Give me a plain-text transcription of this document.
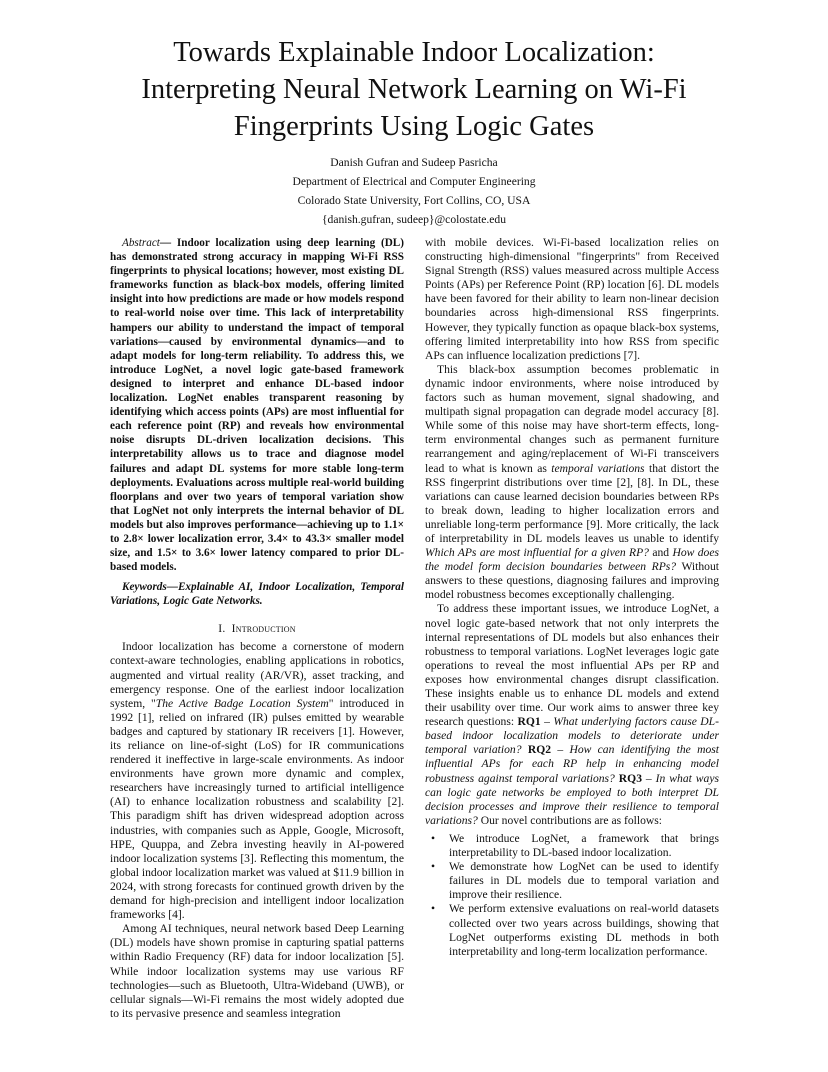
Towards Explainable Indoor Localization:
Interpreting Neural Network Learning on Wi-Fi
Fingerprints Using Logic Gates
Danish Gufran and Sudeep Pasricha
Department of Electrical and Computer Engineering
Colorado State University, Fort Collins, CO, USA
{danish.gufran, sudeep}@colostate.edu

Abstract— Indoor localization using deep learning (DL) has demonstrated strong accuracy in mapping Wi-Fi RSS fingerprints to physical locations; however, most existing DL frameworks function as black-box models, offering limited insight into how predictions are made or how models respond to real-world noise over time. This lack of interpretability hampers our ability to understand the impact of temporal variations—caused by environmental dynamics—and to adapt models for long-term reliability. To address this, we introduce LogNet, a novel logic gate-based framework designed to interpret and enhance DL-based indoor localization. LogNet enables transparent reasoning by identifying which access points (APs) are most influential for each reference point (RP) and reveals how environmental noise disrupts DL-driven localization decisions. This interpretability allows us to trace and diagnose model failures and adapt DL systems for more stable long-term deployments. Evaluations across multiple real-world building floorplans and over two years of temporal variation show that LogNet not only interprets the internal behavior of DL models but also improves performance—achieving up to 1.1× to 2.8× lower localization error, 3.4× to 43.3× smaller model size, and 1.5× to 3.6× lower latency compared to prior DL-based models.

Keywords—Explainable AI, Indoor Localization, Temporal Variations, Logic Gate Networks.

I. Introduction

Indoor localization has become a cornerstone of modern context-aware technologies, enabling applications in robotics, augmented and virtual reality (AR/VR), asset tracking, and emergency response. One of the earliest indoor localization system, "The Active Badge Location System" introduced in 1992 [1], relied on infrared (IR) pulses emitted by wearable badges and captured by stationary IR receivers [1]. However, its reliance on line-of-sight (LoS) for IR communications rendered it ineffective in large-scale environments. As indoor environments have grown more dynamic and complex, researchers have increasingly turned to artificial intelligence (AI) to enhance localization robustness and scalability [2]. This paradigm shift has driven widespread adoption across industries, with companies such as Apple, Google, Microsoft, HPE, Quuppa, and Zebra investing heavily in AI-powered indoor localization systems [3]. Reflecting this momentum, the global indoor localization market was valued at $11.9 billion in 2024, with strong forecasts for continued growth driven by the demand for high-precision and intelligent indoor localization frameworks [4].

Among AI techniques, neural network based Deep Learning (DL) models have shown promise in capturing spatial patterns within Radio Frequency (RF) data for indoor localization [5]. While indoor localization systems may use various RF technologies—such as Bluetooth, Ultra-Wideband (UWB), or cellular signals—Wi-Fi remains the most widely adopted due to its pervasive presence and seamless integration

with mobile devices. Wi-Fi-based localization relies on constructing high-dimensional "fingerprints" from Received Signal Strength (RSS) values measured across multiple Access Points (APs) per Reference Point (RP) location [6]. DL models have been favored for their ability to learn non-linear decision boundaries across high-dimensional RSS fingerprints. However, they typically function as opaque black-box systems, offering limited interpretability into how RSS from specific APs can influence localization predictions [7].

This black-box assumption becomes problematic in dynamic indoor environments, where noise introduced by factors such as human movement, signal shadowing, and multipath signal propagation can degrade model accuracy [8]. While some of this noise may have short-term effects, long-term environmental changes such as permanent furniture rearrangement and aging/replacement of Wi-Fi transceivers lead to what is known as temporal variations that distort the RSS fingerprint distributions over time [2], [8]. In DL, these variations can cause learned decision boundaries between RPs to break down, leading to higher localization errors and unreliable long-term performance [9]. More critically, the lack of interpretability in DL models leaves us unable to identify Which APs are most influential for a given RP? and How does the model form decision boundaries between RPs? Without answers to these questions, diagnosing failures and improving model robustness becomes exceptionally challenging.

To address these important issues, we introduce LogNet, a novel logic gate-based network that not only interprets the internal representations of DL models but also enhances their robustness to temporal variations. LogNet leverages logic gate operations to reveal the most influential APs per RP and exposes how environmental changes disrupt classification. These insights enable us to enhance DL models and extend their usability over time. Our work aims to answer three key research questions: RQ1 – What underlying factors cause DL-based indoor localization models to deteriorate under temporal variation? RQ2 – How can identifying the most influential APs for each RP help in enhancing model robustness against temporal variations? RQ3 – In what ways can logic gate networks be employed to both interpret DL decision processes and improve their resilience to temporal variations? Our novel contributions are as follows:

• We introduce LogNet, a framework that brings interpretability to DL-based indoor localization.
• We demonstrate how LogNet can be used to identify failures in DL models due to temporal variation and improve their resilience.
• We perform extensive evaluations on real-world datasets collected over two years across buildings, showing that LogNet outperforms existing DL methods in both interpretability and long-term localization performance.
